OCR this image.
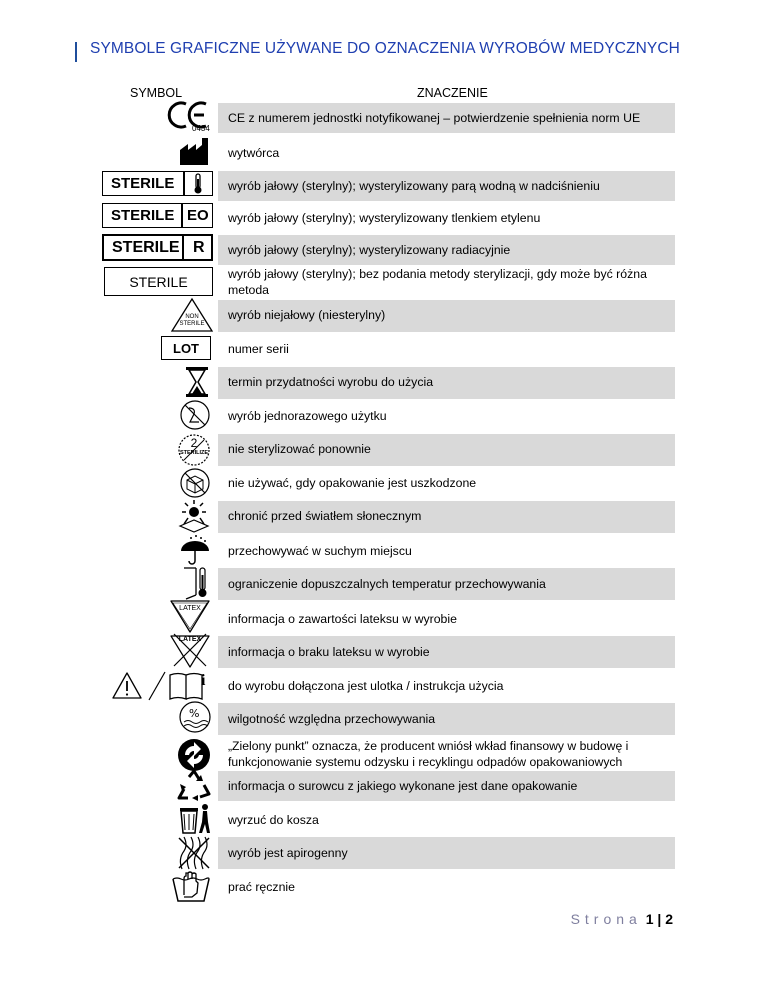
SYMBOLE GRAFICZNE UŻYWANE DO OZNACZENIA WYROBÓW MEDYCZNYCH
SYMBOL	ZNACZENIE
CE z numerem jednostki notyfikowanej – potwierdzenie spełnienia norm UE
0434
wytwórca
wyrób jałowy (sterylny); wysterylizowany parą wodną w nadciśnieniu
STERILE
wyrób jałowy (sterylny); wysterylizowany tlenkiem etylenu
STERILE EO
wyrób jałowy (sterylny); wysterylizowany radiacyjnie
STERILE R
wyrób jałowy (sterylny); bez podania metody sterylizacji, gdy może być różna metoda
STERILE
wyrób niejałowy (niesterylny)
NON
STERILE
numer serii
LOT
termin przydatności wyrobu do użycia
wyrób jednorazowego użytku
nie sterylizować ponownie
2
STERILIZE
nie używać, gdy opakowanie jest uszkodzone
chronić przed światłem słonecznym
przechowywać w suchym miejscu
ograniczenie dopuszczalnych temperatur przechowywania
informacja o zawartości lateksu w wyrobie
LATEX
informacja o braku lateksu w wyrobie
LATEX
do wyrobu dołączona jest ulotka / instrukcja użycia
i
wilgotność względna przechowywania
%
„Zielony punkt” oznacza, że producent wniósł wkład finansowy w budowę i funkcjonowanie systemu odzysku i recyklingu odpadów opakowaniowych
informacja o surowcu z jakiego wykonane jest dane opakowanie
wyrzuć do kosza
wyrób jest apirogenny
prać ręcznie
Strona 1 | 2
